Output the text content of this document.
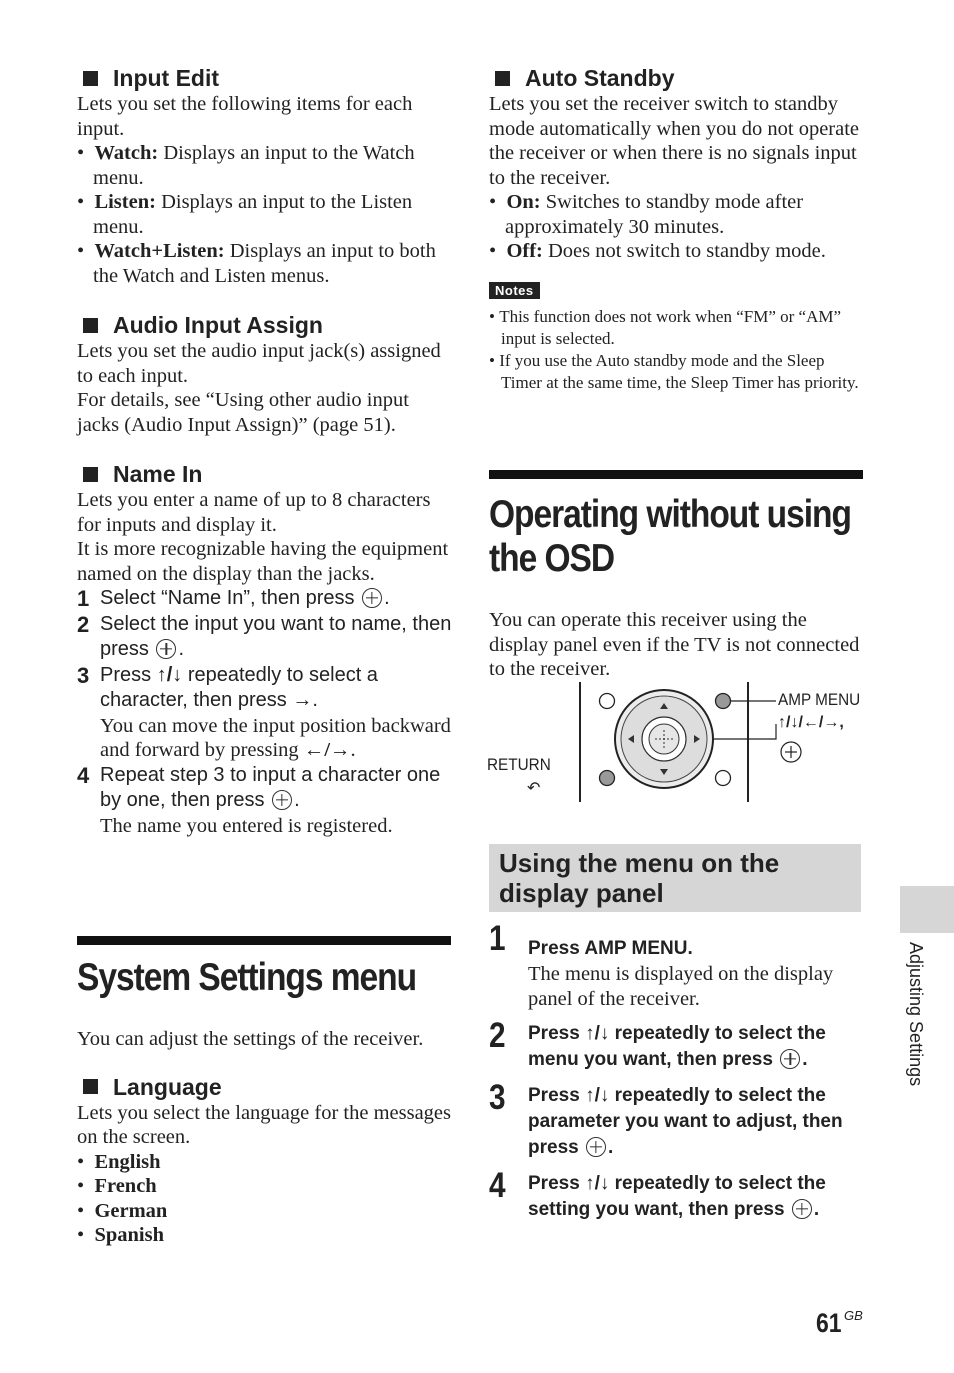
Input Edit

Lets you set the following items for each input.

•  Watch: Displays an input to the Watch menu.

•  Listen: Displays an input to the Listen menu.

•  Watch+Listen: Displays an input to both the Watch and Listen menus.

Audio Input Assign

Lets you set the audio input jack(s) assigned to each input.

For details, see “Using other audio input jacks (Audio Input Assign)” (page 51).

Name In

Lets you enter a name of up to 8 characters for inputs and display it.

It is more recognizable having the equipment named on the display than the jacks.

1 Select “Name In”, then press .
2 Select the input you want to name, then press .
3 Press ↑/↓ repeatedly to select a character, then press →.
You can move the input position backward and forward by pressing ←/→.
4 Repeat step 3 to input a character one by one, then press .
The name you entered is registered.
System Settings menu

You can adjust the settings of the receiver.

Language

Lets you select the language for the messages on the screen.

•  English

•  French

•  German

•  Spanish

Auto Standby

Lets you set the receiver switch to standby mode automatically when you do not operate the receiver or when there is no signals input to the receiver.

•  On: Switches to standby mode after approximately 30 minutes.

•  Off: Does not switch to standby mode.

Notes

• This function does not work when “FM” or “AM” input is selected.

• If you use the Auto standby mode and the Sleep Timer at the same time, the Sleep Timer has priority.

Operating without using
the OSD

You can operate this receiver using the display panel even if the TV is not connected to the receiver.

AMP MENU
↑/↓/←/→,
RETURN
↶
Using the menu on the display panel
1	Press AMP MENU.
The menu is displayed on the display panel of the receiver.
2	Press ↑/↓ repeatedly to select the menu you want, then press .
3	Press ↑/↓ repeatedly to select the parameter you want to adjust, then press .
4	Press ↑/↓ repeatedly to select the setting you want, then press .
Adjusting Settings
61 $^{GB}$
